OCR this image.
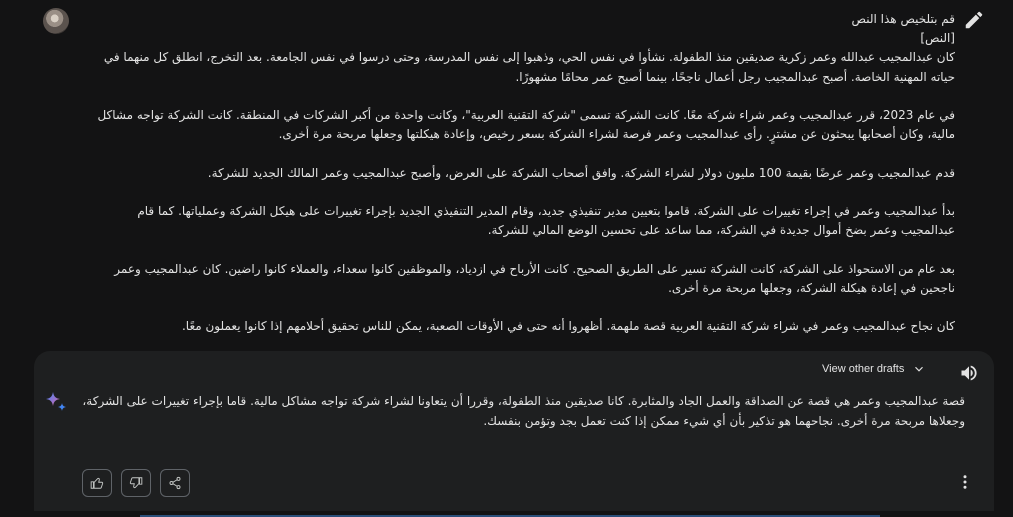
قم بتلخيص هذا النص

[النص]

كان عبدالمجيب عبدالله وعمر زكرية صديقين منذ الطفولة. نشأوا في نفس الحي، وذهبوا إلى نفس المدرسة، وحتى درسوا في نفس الجامعة. بعد التخرج، انطلق كل منهما في حياته المهنية الخاصة. أصبح عبدالمجيب رجل أعمال ناجحًا، بينما أصبح عمر محامًا مشهورًا.

في عام 2023، قرر عبدالمجيب وعمر شراء شركة معًا. كانت الشركة تسمى "شركة التقنية العربية"، وكانت واحدة من أكبر الشركات في المنطقة. كانت الشركة تواجه مشاكل مالية، وكان أصحابها يبحثون عن مشترٍ. رأى عبدالمجيب وعمر فرصة لشراء الشركة بسعر رخيص، وإعادة هيكلتها وجعلها مربحة مرة أخرى.

قدم عبدالمجيب وعمر عرضًا بقيمة 100 مليون دولار لشراء الشركة. وافق أصحاب الشركة على العرض، وأصبح عبدالمجيب وعمر المالك الجديد للشركة.

بدأ عبدالمجيب وعمر في إجراء تغييرات على الشركة. قاموا بتعيين مدير تنفيذي جديد، وقام المدير التنفيذي الجديد بإجراء تغييرات على هيكل الشركة وعملياتها. كما قام عبدالمجيب وعمر بضخ أموال جديدة في الشركة، مما ساعد على تحسين الوضع المالي للشركة.

بعد عام من الاستحواذ على الشركة، كانت الشركة تسير على الطريق الصحيح. كانت الأرباح في ازدياد، والموظفين كانوا سعداء، والعملاء كانوا راضين. كان عبدالمجيب وعمر ناجحين في إعادة هيكلة الشركة، وجعلها مربحة مرة أخرى.

كان نجاح عبدالمجيب وعمر في شراء شركة التقنية العربية قصة ملهمة. أظهروا أنه حتى في الأوقات الصعبة، يمكن للناس تحقيق أحلامهم إذا كانوا يعملون معًا.

View other drafts
قصة عبدالمجيب وعمر هي قصة عن الصداقة والعمل الجاد والمثابرة. كانا صديقين منذ الطفولة، وقررا أن يتعاونا لشراء شركة تواجه مشاكل مالية. قاما بإجراء تغييرات على الشركة، وجعلاها مربحة مرة أخرى. نجاحهما هو تذكير بأن أي شيء ممكن إذا كنت تعمل بجد وتؤمن بنفسك.
